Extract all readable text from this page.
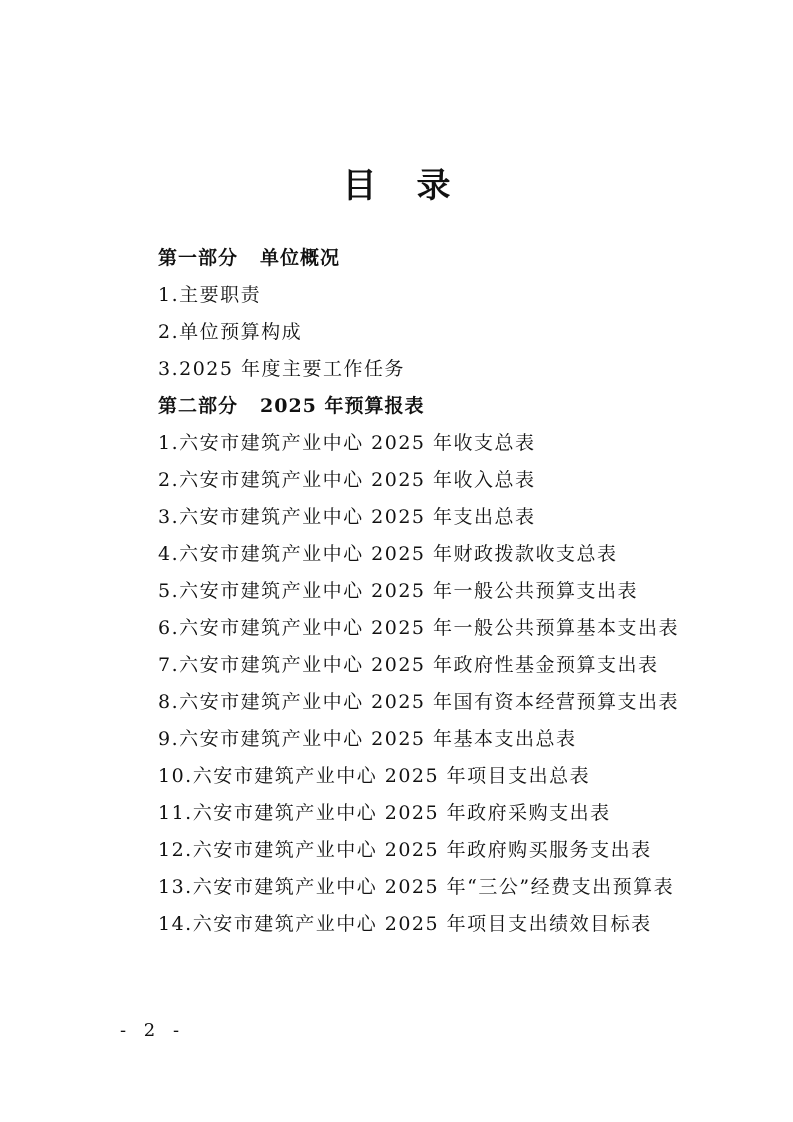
目录
第一部分 单位概况
1.主要职责
2.单位预算构成
3.2025 年度主要工作任务
第二部分 2025 年预算报表
1.六安市建筑产业中心 2025 年收支总表
2.六安市建筑产业中心 2025 年收入总表
3.六安市建筑产业中心 2025 年支出总表
4.六安市建筑产业中心 2025 年财政拨款收支总表
5.六安市建筑产业中心 2025 年一般公共预算支出表
6.六安市建筑产业中心 2025 年一般公共预算基本支出表
7.六安市建筑产业中心 2025 年政府性基金预算支出表
8.六安市建筑产业中心 2025 年国有资本经营预算支出表
9.六安市建筑产业中心 2025 年基本支出总表
10.六安市建筑产业中心 2025 年项目支出总表
11.六安市建筑产业中心 2025 年政府采购支出表
12.六安市建筑产业中心 2025 年政府购买服务支出表
13.六安市建筑产业中心 2025 年“三公”经费支出预算表
14.六安市建筑产业中心 2025 年项目支出绩效目标表
- 2 -
